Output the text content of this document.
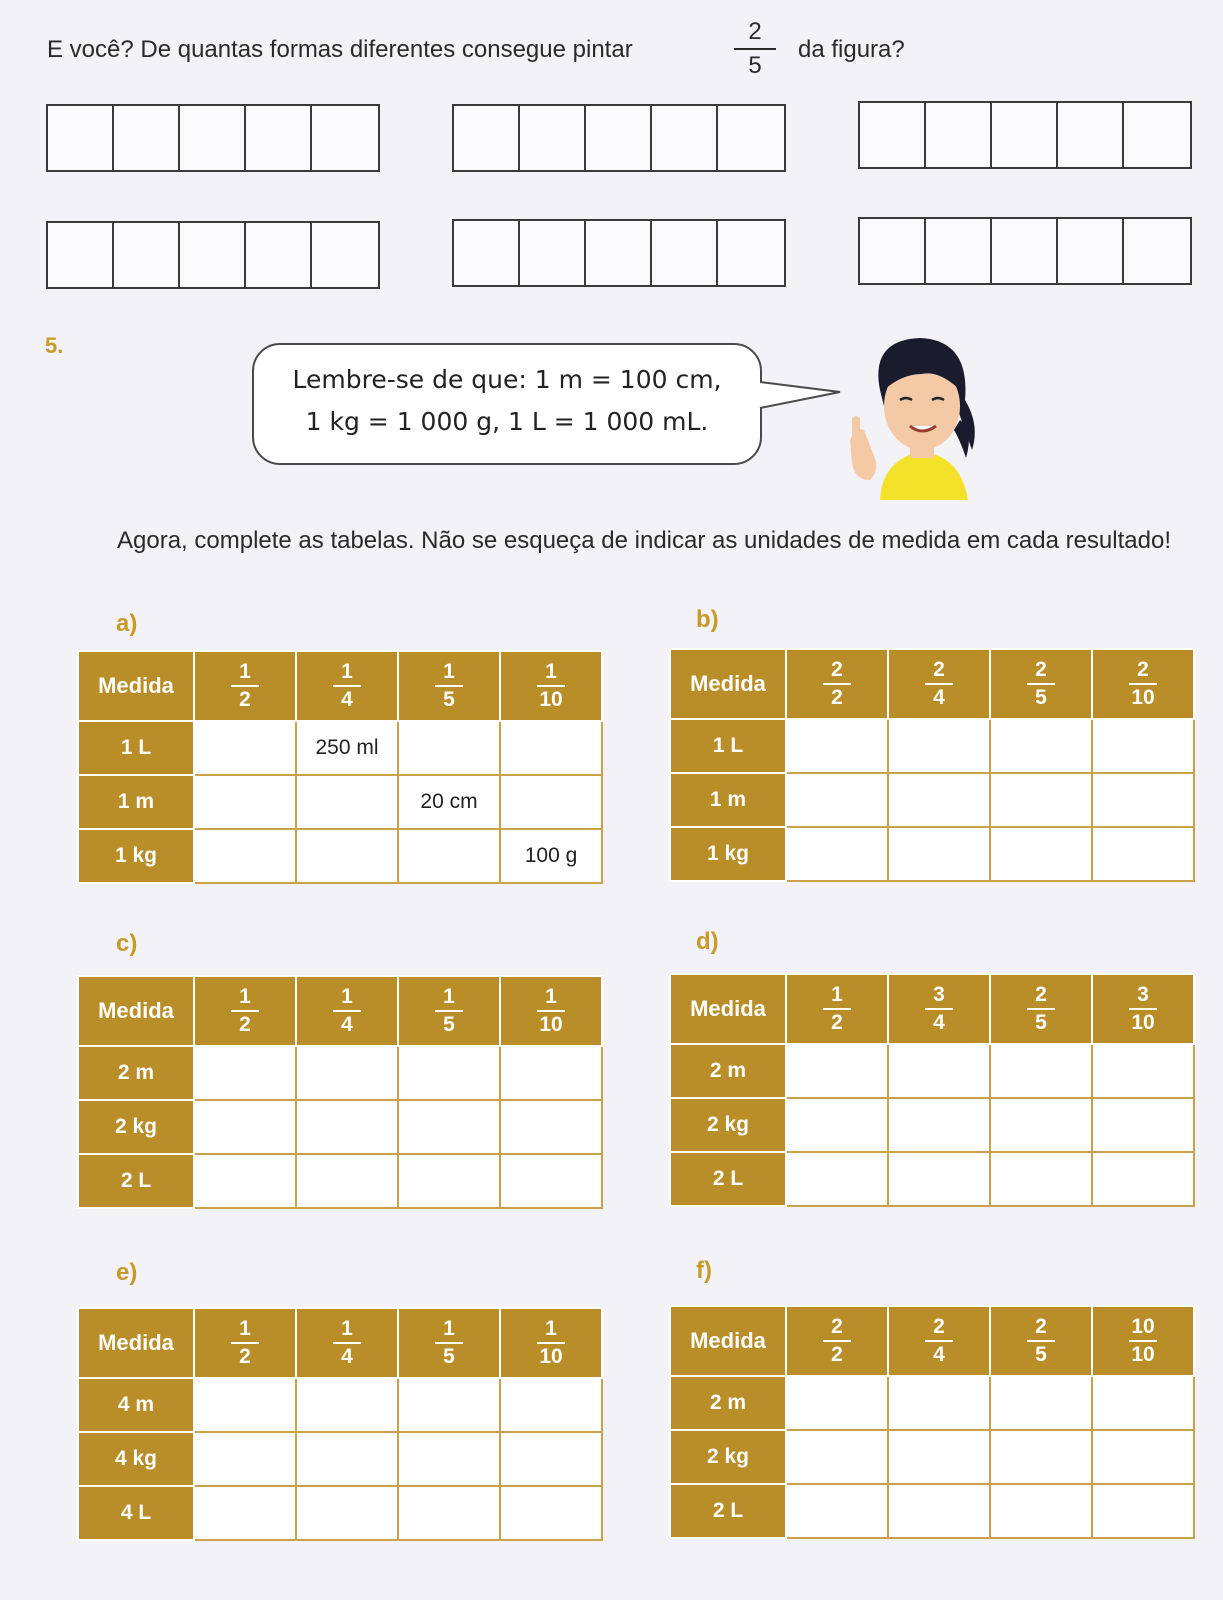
E você? De quantas formas diferentes consegue pintar
2
5
da figura?
5.
Lembre-se de que: 1 m = 100 cm,
1 kg = 1 000 g, 1 L = 1 000 mL.
Agora, complete as tabelas. Não se esqueça de indicar as unidades de medida em cada resultado!
a)	b)
c)	d)
e)	f)
Medida	$\frac{1}{2}$	$\frac{1}{4}$	$\frac{1}{5}$	$\frac{1}{10}$
1 L		250 ml		
1 m			20 cm	
1 kg				100 g
Medida	$\frac{2}{2}$	$\frac{2}{4}$	$\frac{2}{5}$	$\frac{2}{10}$
1 L				
1 m				
1 kg				
Medida	$\frac{1}{2}$	$\frac{1}{4}$	$\frac{1}{5}$	$\frac{1}{10}$
2 m				
2 kg				
2 L				
Medida	$\frac{1}{2}$	$\frac{3}{4}$	$\frac{2}{5}$	$\frac{3}{10}$
2 m				
2 kg				
2 L				
Medida	$\frac{1}{2}$	$\frac{1}{4}$	$\frac{1}{5}$	$\frac{1}{10}$
4 m				
4 kg				
4 L				
Medida	$\frac{2}{2}$	$\frac{2}{4}$	$\frac{2}{5}$	$\frac{10}{10}$
2 m				
2 kg				
2 L				
